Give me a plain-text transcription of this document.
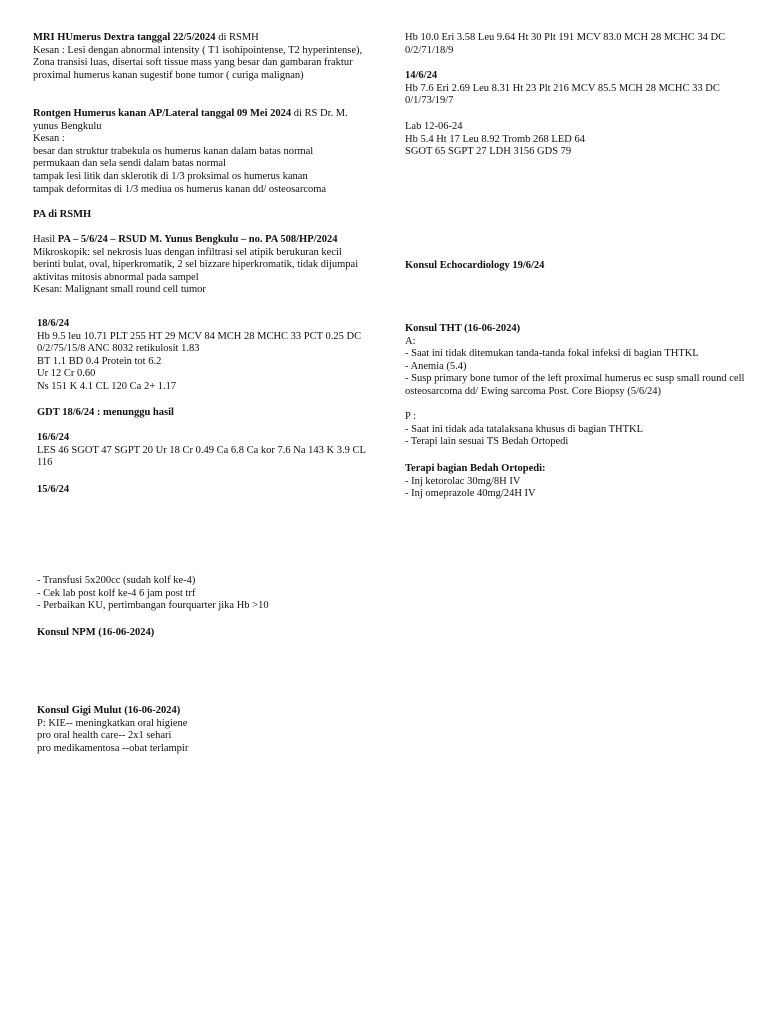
MRI HUmerus Dextra tanggal 22/5/2024 di RSMH

Kesan : Lesi dengan abnormal intensity ( T1 isohipointense, T2 hyperintense), Zona transisi luas, disertai soft tissue mass yang besar dan gambaran fraktur proximal humerus kanan sugestif bone tumor ( curiga malignan)

Rontgen Humerus kanan AP/Lateral tanggal 09 Mei 2024 di RS Dr. M. yunus Bengkulu

Kesan :

besar dan struktur trabekula os humerus kanan dalam batas normal

permukaan dan sela sendi dalam batas normal

tampak lesi litik dan sklerotik di 1/3 proksimal os humerus kanan

tampak deformitas di 1/3 mediua os humerus kanan dd/ osteosarcoma

PA di RSMH

Hasil PA – 5/6/24 – RSUD M. Yunus Bengkulu – no. PA 508/HP/2024

Mikroskopik: sel nekrosis luas dengan infiltrasi sel atipik berukuran kecil berinti bulat, oval, hiperkromatik, 2 sel bizzare hiperkromatik, tidak dijumpai aktivitas mitosis abnormal pada sampel

Kesan: Malignant small round cell tumor

18/6/24

Hb 9.5 leu 10.71 PLT 255 HT 29 MCV 84 MCH 28 MCHC 33 PCT 0.25 DC 0/2/75/15/8 ANC 8032 retikulosit 1.83

BT 1.1 BD 0.4 Protein tot 6.2

Ur 12 Cr 0.60

Ns 151 K 4.1 CL 120 Ca 2+ 1.17

GDT 18/6/24 : menunggu hasil

16/6/24

LES 46 SGOT 47 SGPT 20 Ur 18 Cr 0.49 Ca 6.8 Ca kor 7.6 Na 143 K 3.9 CL 116

15/6/24

- Transfusi 5x200cc (sudah kolf ke-4)

- Cek lab post kolf ke-4 6 jam post trf

- Perbaikan KU, pertimbangan fourquarter jika Hb >10

Konsul NPM (16-06-2024)

Konsul Gigi Mulut (16-06-2024)

P: KIE-- meningkatkan oral higiene

pro oral health care-- 2x1 sehari

pro medikamentosa --obat terlampir

Hb 10.0 Eri 3.58 Leu 9.64 Ht 30 Plt 191 MCV 83.0 MCH 28 MCHC 34 DC 0/2/71/18/9

14/6/24

Hb 7.6 Eri 2.69 Leu 8.31 Ht 23 Plt 216 MCV 85.5 MCH 28 MCHC 33 DC 0/1/73/19/7

Lab 12-06-24

Hb 5.4 Ht 17 Leu 8.92 Tromb 268 LED 64

SGOT 65 SGPT 27 LDH 3156 GDS 79

Konsul Echocardiology 19/6/24

Konsul THT (16-06-2024)

A:

- Saat ini tidak ditemukan tanda-tanda fokal infeksi di bagian THTKL

- Anemia (5.4)

- Susp primary bone tumor of the left proximal humerus ec susp small round cell osteosarcoma dd/ Ewing sarcoma Post. Core Biopsy (5/6/24)

P :

- Saat ini tidak ada tatalaksana khusus di bagian THTKL

- Terapi lain sesuai TS Bedah Ortopedi

Terapi bagian Bedah Ortopedi:

- Inj ketorolac 30mg/8H IV

- Inj omeprazole 40mg/24H IV
